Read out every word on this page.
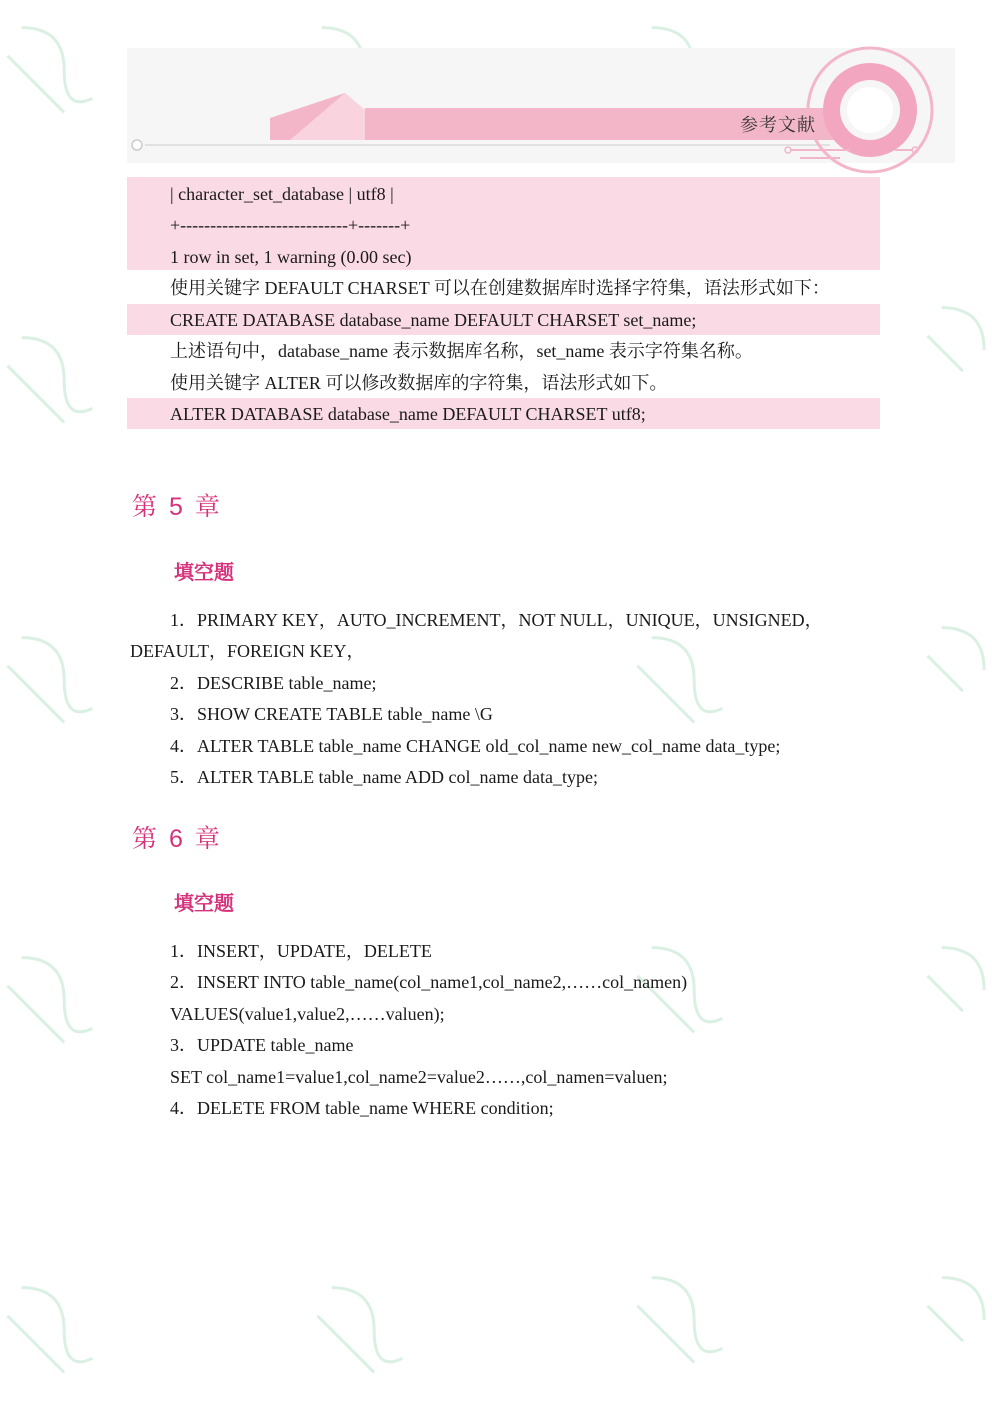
参考文献
| character_set_database | utf8 |
+----------------------------+-------+
1 row in set, 1 warning (0.00 sec)
使用关键字 DEFAULT CHARSET 可以在创建数据库时选择字符集，语法形式如下：
CREATE DATABASE database_name DEFAULT CHARSET set_name;
上述语句中，database_name 表示数据库名称，set_name 表示字符集名称。
使用关键字 ALTER 可以修改数据库的字符集，语法形式如下。
ALTER DATABASE database_name DEFAULT CHARSET utf8;
第 5 章
填空题
1．PRIMARY KEY，AUTO_INCREMENT，NOT NULL，UNIQUE，UNSIGNED，
DEFAULT，FOREIGN KEY，
2．DESCRIBE table_name;
3．SHOW CREATE TABLE table_name \G
4．ALTER TABLE table_name CHANGE old_col_name new_col_name data_type;
5．ALTER TABLE table_name ADD col_name data_type;
第 6 章
填空题
1．INSERT，UPDATE，DELETE
2．INSERT INTO table_name(col_name1,col_name2,……col_namen)
VALUES(value1,value2,……valuen);
3．UPDATE table_name
SET col_name1=value1,col_name2=value2……,col_namen=valuen;
4．DELETE FROM table_name WHERE condition;
